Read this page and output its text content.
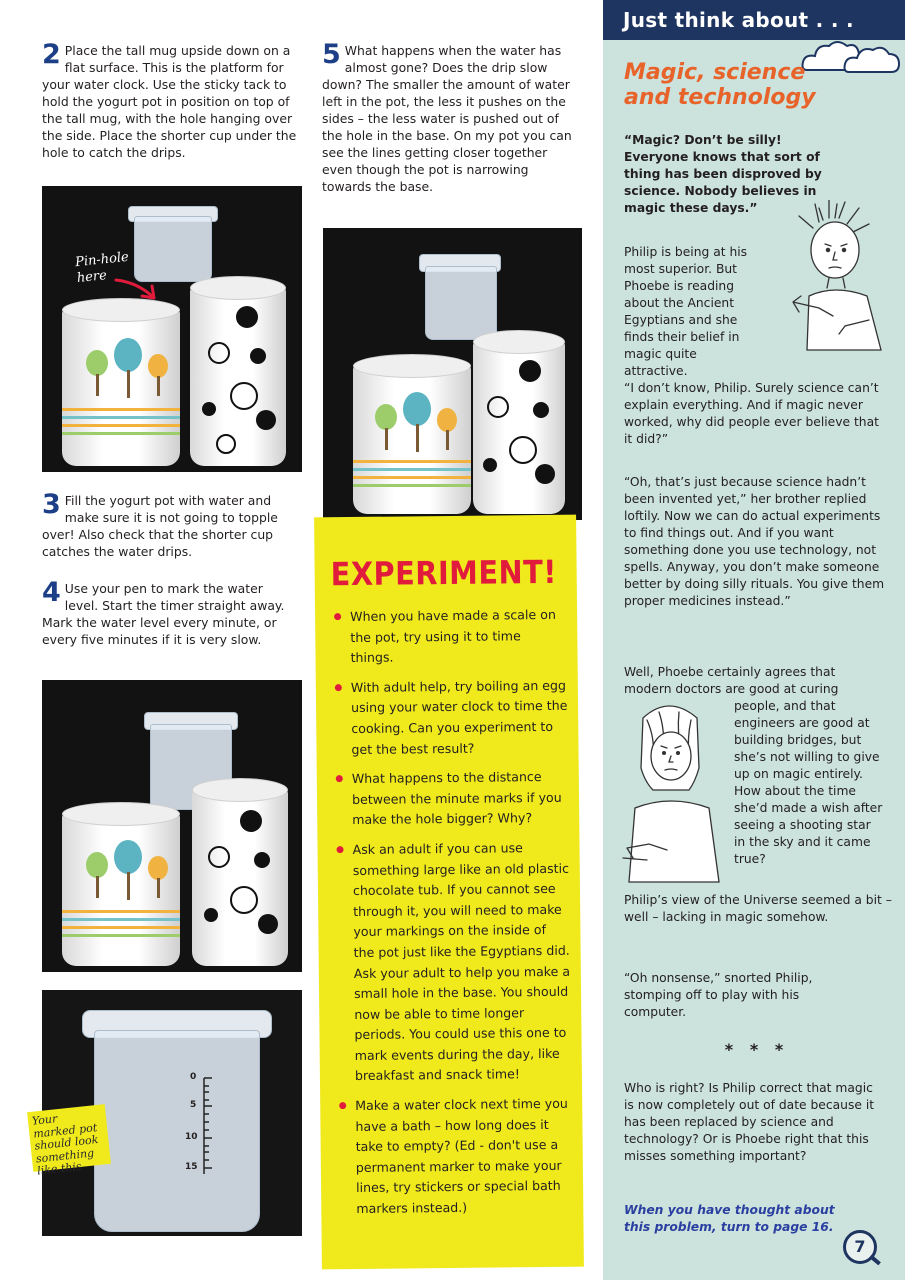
2 Place the tall mug upside down on a flat surface. This is the platform for your water clock. Use the sticky tack to hold the yogurt pot in position on top of the tall mug, with the hole hanging over the side. Place the shorter cup under the hole to catch the drips.
Pin-hole here
3 Fill the yogurt pot with water and make sure it is not going to topple over! Also check that the shorter cup catches the water drips.
4 Use your pen to mark the water level. Start the timer straight away. Mark the water level every minute, or every five minutes if it is very slow.
0
5
10
15
Your marked pot should look something like this
5 What happens when the water has almost gone? Does the drip slow down? The smaller the amount of water left in the pot, the less it pushes on the sides – the less water is pushed out of the hole in the base. On my pot you can see the lines getting closer together even though the pot is narrowing towards the base.
EXPERIMENT!
When you have made a scale on the pot, try using it to time things.
With adult help, try boiling an egg using your water clock to time the cooking. Can you experiment to get the best result?
What happens to the distance between the minute marks if you make the hole bigger? Why?
Ask an adult if you can use something large like an old plastic chocolate tub. If you cannot see through it, you will need to make your markings on the inside of the pot just like the Egyptians did. Ask your adult to help you make a small hole in the base. You should now be able to time longer periods. You could use this one to mark events during the day, like breakfast and snack time!
Make a water clock next time you have a bath – how long does it take to empty? (Ed - don't use a permanent marker to make your lines, try stickers or special bath markers instead.)
Just think about . . .
Magic, science
and technology

“Magic? Don’t be silly! Everyone knows that sort of thing has been disproved by science. Nobody believes in magic these days.”

Philip is being at his most superior. But Phoebe is reading about the Ancient Egyptians and she finds their belief in magic quite attractive.

“I don’t know, Philip. Surely science can’t explain everything. And if magic never worked, why did people ever believe that it did?”

“Oh, that’s just because science hadn’t been invented yet,” her brother replied loftily. Now we can do actual experiments to find things out. And if you want something done you use technology, not spells. Anyway, you don’t make someone better by doing silly rituals. You give them proper medicines instead.”

Well, Phoebe certainly agrees that modern doctors are good at curing

people, and that engineers are good at building bridges, but she’s not willing to give up on magic entirely. How about the time she’d made a wish after seeing a shooting star in the sky and it came true?

Philip’s view of the Universe seemed a bit – well – lacking in magic somehow.

“Oh nonsense,” snorted Philip, stomping off to play with his computer.

*   *   *

Who is right? Is Philip correct that magic is now completely out of date because it has been replaced by science and technology? Or is Phoebe right that this misses something important?

When you have thought about this problem, turn to page 16.

7
